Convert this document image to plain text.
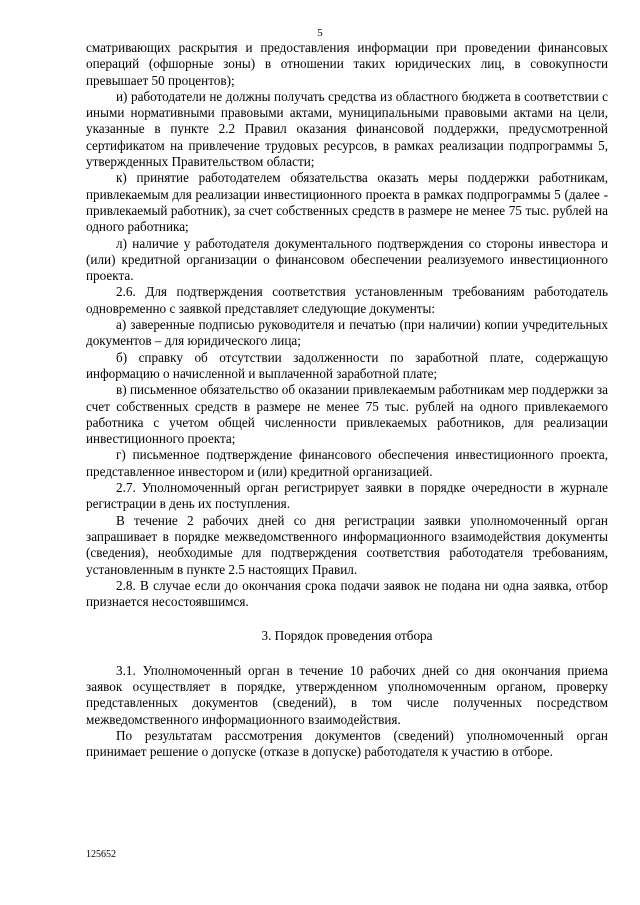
5

сматривающих раскрытия и предоставления информации при проведении финансовых операций (офшорные зоны) в отношении таких юридических лиц, в совокупности превышает 50 процентов);

и) работодатели не должны получать средства из областного бюджета в соответствии с иными нормативными правовыми актами, муниципальными правовыми актами на цели, указанные в пункте 2.2 Правил оказания финансовой поддержки, предусмотренной сертификатом на привлечение трудовых ресурсов, в рамках реализации подпрограммы 5, утвержденных Правительством области;

к) принятие работодателем обязательства оказать меры поддержки работникам, привлекаемым для реализации инвестиционного проекта в рамках подпрограммы 5 (далее - привлекаемый работник), за счет собственных средств в размере не менее 75 тыс. рублей на одного работника;

л) наличие у работодателя документального подтверждения со стороны инвестора и (или) кредитной организации о финансовом обеспечении реализуемого инвестиционного проекта.

2.6. Для подтверждения соответствия установленным требованиям работодатель одновременно с заявкой представляет следующие документы:

а) заверенные подписью руководителя и печатью (при наличии) копии учредительных документов – для юридического лица;

б) справку об отсутствии задолженности по заработной плате, содержащую информацию о начисленной и выплаченной заработной плате;

в) письменное обязательство об оказании привлекаемым работникам мер поддержки за счет собственных средств в размере не менее 75 тыс. рублей на одного привлекаемого работника с учетом общей численности привлекаемых работников, для реализации инвестиционного проекта;

г) письменное подтверждение финансового обеспечения инвестиционного проекта, представленное инвестором и (или) кредитной организацией.

2.7. Уполномоченный орган регистрирует заявки в порядке очередности в журнале регистрации в день их поступления.

В течение 2 рабочих дней со дня регистрации заявки уполномоченный орган запрашивает в порядке межведомственного информационного взаимодействия документы (сведения), необходимые для подтверждения соответствия работодателя требованиям, установленным в пункте 2.5 настоящих Правил.

2.8. В случае если до окончания срока подачи заявок не подана ни одна заявка, отбор признается несостоявшимся.

3. Порядок проведения отбора

3.1. Уполномоченный орган в течение 10 рабочих дней со дня окончания приема заявок осуществляет в порядке, утвержденном уполномоченным органом, проверку представленных документов (сведений), в том числе полученных посредством межведомственного информационного взаимодействия.

По результатам рассмотрения документов (сведений) уполномоченный орган принимает решение о допуске (отказе в допуске) работодателя к участию в отборе.

125652
